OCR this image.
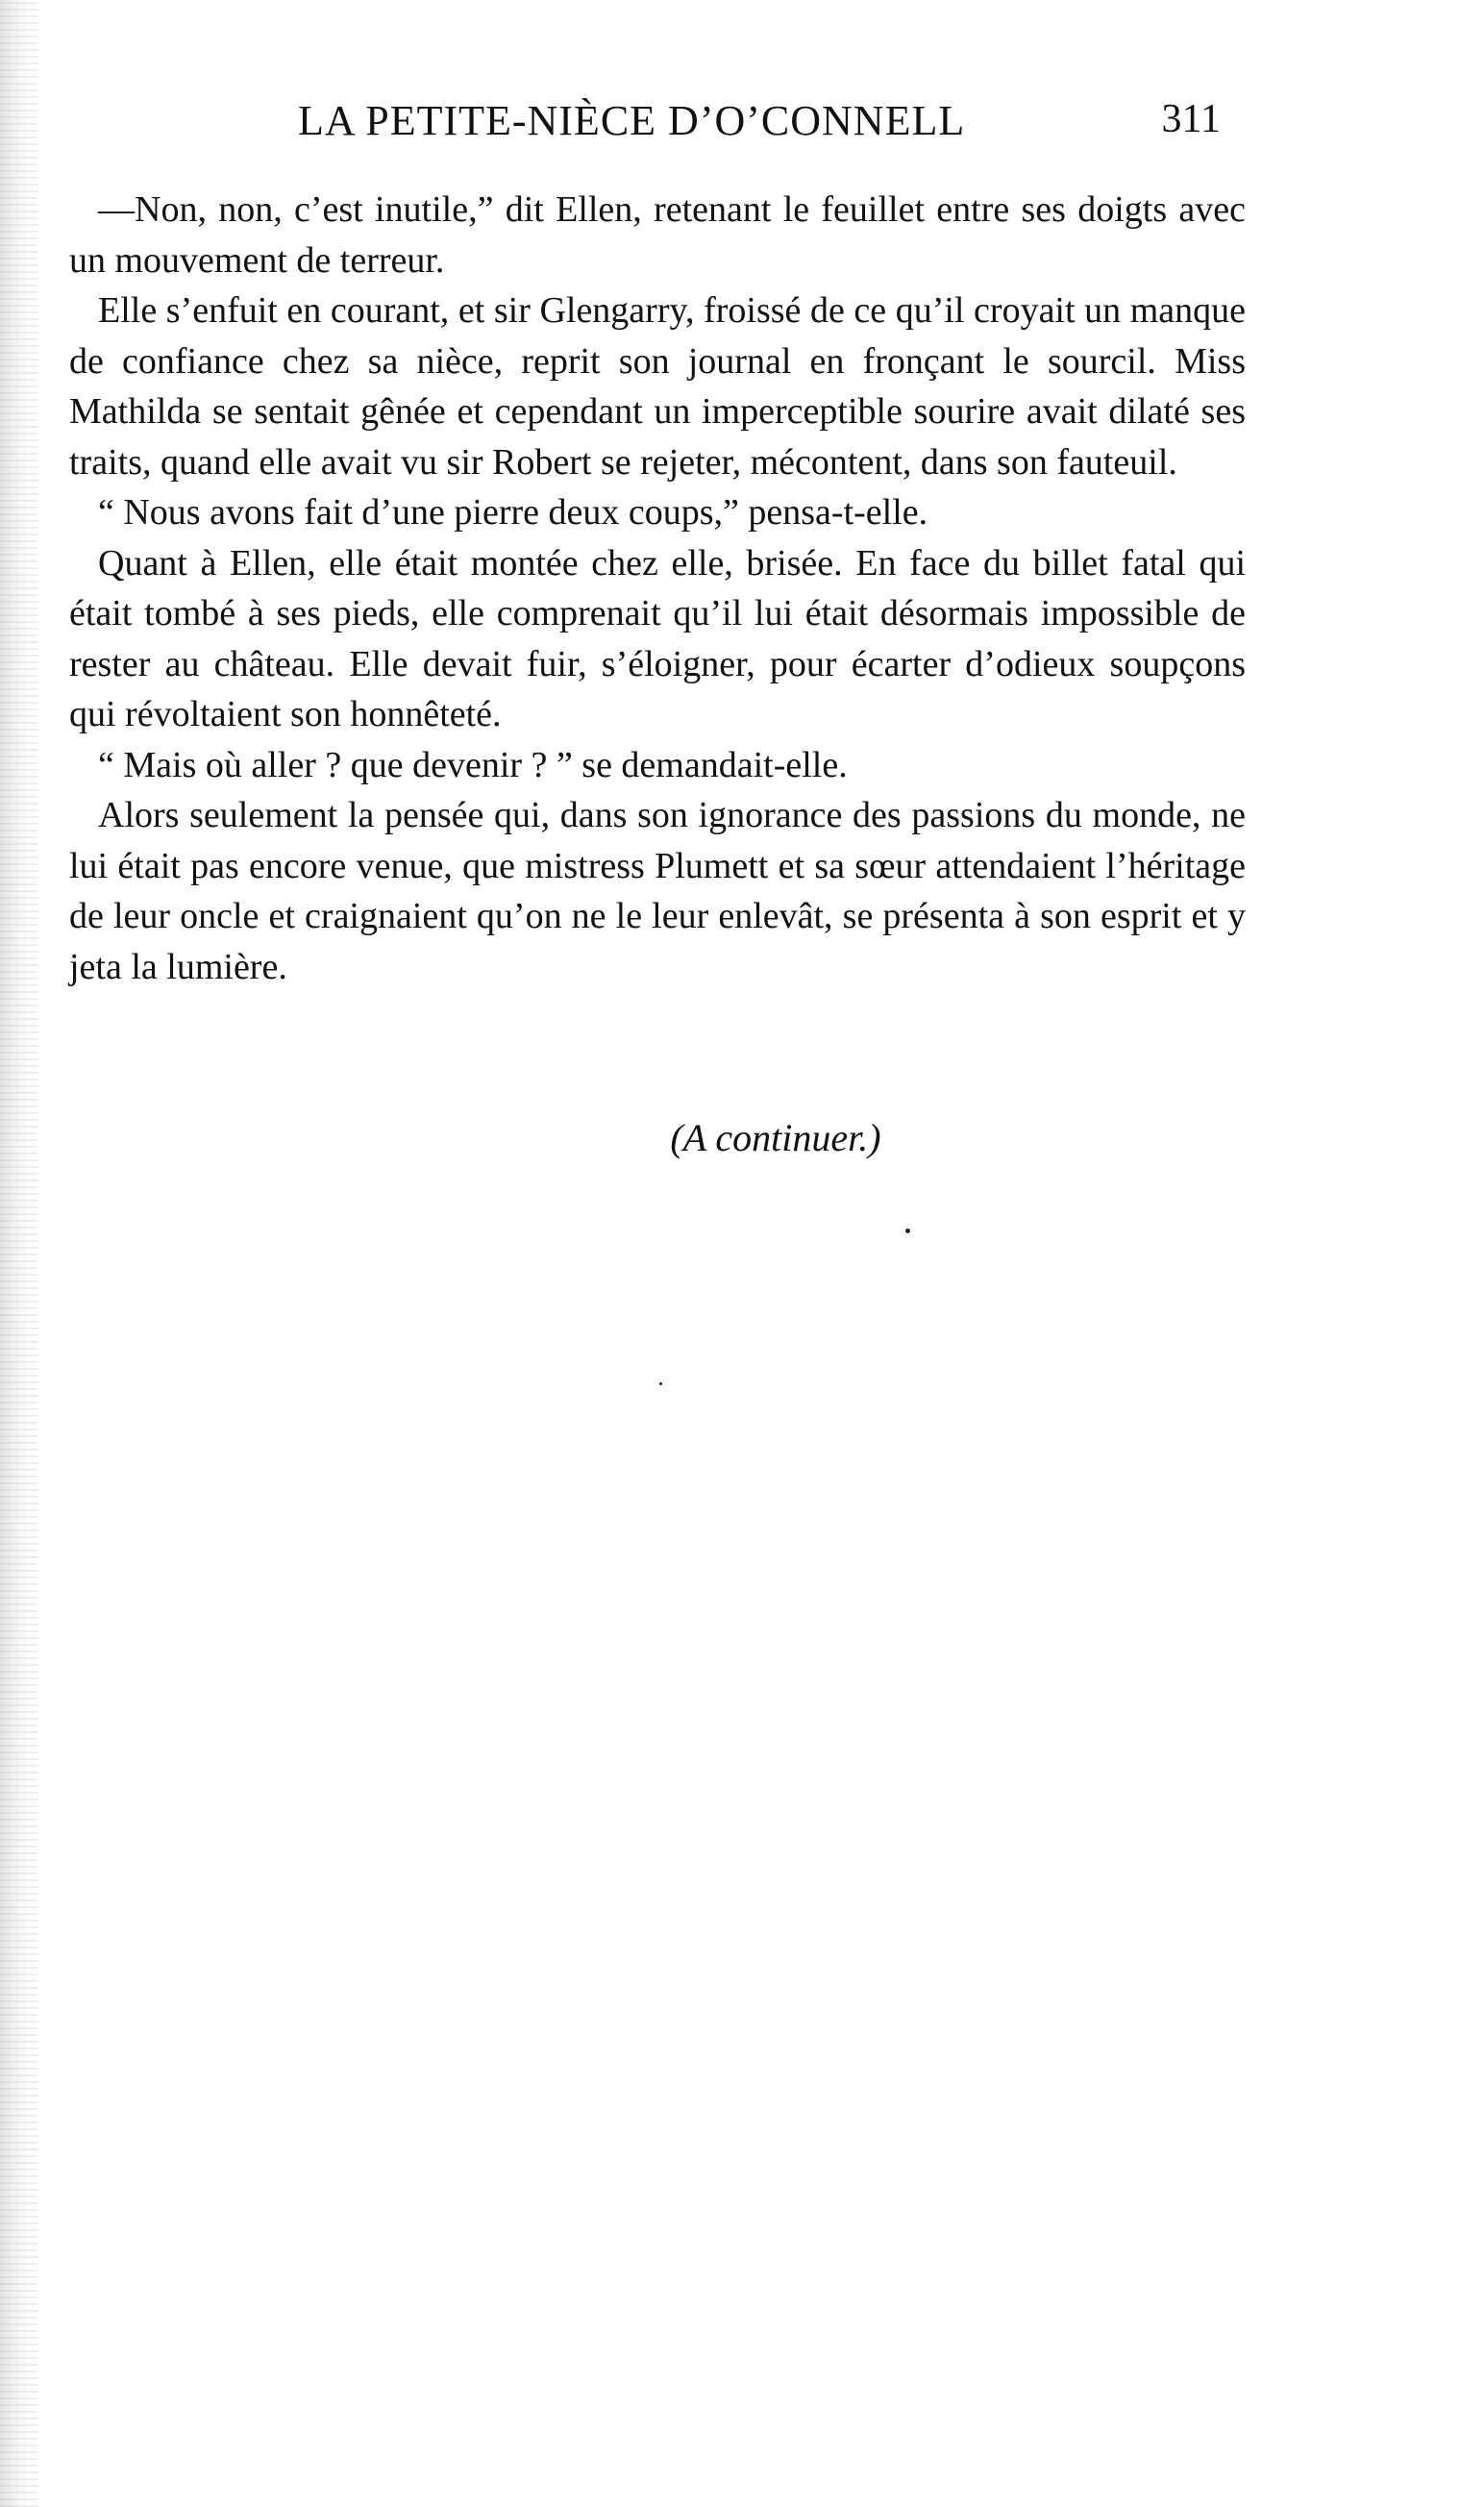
LA PETITE-NIÈCE D’O’CONNELL	311

—Non, non, c’est inutile,” dit Ellen, retenant le feuillet entre ses doigts avec un mouvement de terreur.

Elle s’enfuit en courant, et sir Glengarry, froissé de ce qu’il croyait un manque de confiance chez sa nièce, reprit son journal en fronçant le sourcil. Miss Mathilda se sentait gênée et cependant un imperceptible sourire avait dilaté ses traits, quand elle avait vu sir Robert se rejeter, mécontent, dans son fauteuil.

“ Nous avons fait d’une pierre deux coups,” pensa-t-elle.

Quant à Ellen, elle était montée chez elle, brisée. En face du billet fatal qui était tombé à ses pieds, elle comprenait qu’il lui était désormais impossible de rester au château. Elle devait fuir, s’éloigner, pour écarter d’odieux soupçons qui révoltaient son honnêteté.

“ Mais où aller ? que devenir ? ” se demandait-elle.

Alors seulement la pensée qui, dans son ignorance des passions du monde, ne lui était pas encore venue, que mistress Plumett et sa sœur attendaient l’héritage de leur oncle et craignaient qu’on ne le leur enlevât, se présenta à son esprit et y jeta la lumière.

(A continuer.)
